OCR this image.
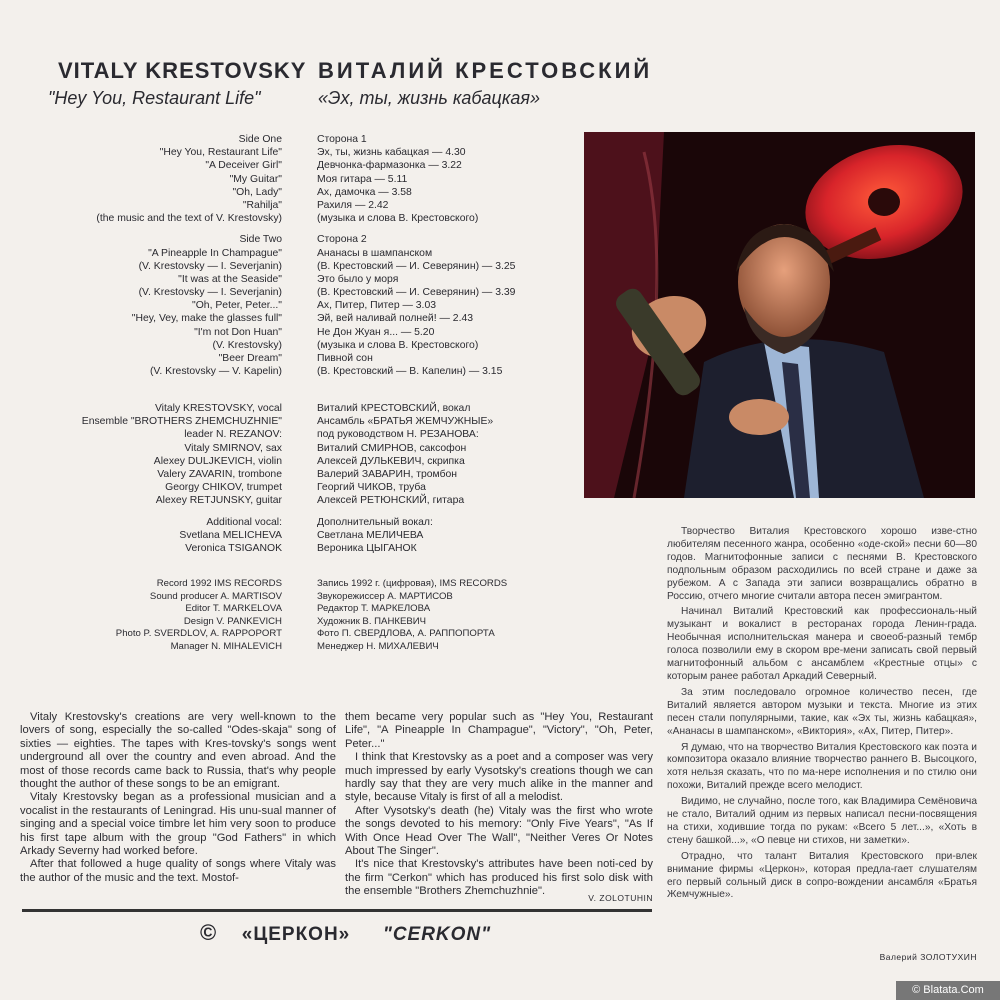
VITALY KRESTOVSKY ВИТАЛИЙ КРЕСТОВСКИЙ
"Hey You, Restaurant Life"	«Эх, ты, жизнь кабацкая»
Side One
"Hey You, Restaurant Life"
"A Deceiver Girl"
"My Guitar"
"Oh, Lady"
"Rahilja"
(the music and the text of V. Krestovsky)
Side Two
"A Pineapple In Champague"
(V. Krestovsky — I. Severjanin)
"It was at the Seaside"
(V. Krestovsky — I. Severjanin)
"Oh, Peter, Peter..."
"Hey, Vey, make the glasses full"
"I'm not Don Huan"
(V. Krestovsky)
"Beer Dream"
(V. Krestovsky — V. Kapelin)
Сторона 1
Эх, ты, жизнь кабацкая — 4.30
Девчонка-фармазонка — 3.22
Моя гитара — 5.11
Ах, дамочка — 3.58
Рахиля — 2.42
(музыка и слова В. Крестовского)
Сторона 2
Ананасы в шампанском
(В. Крестовский — И. Северянин) — 3.25
Это было у моря
(В. Крестовский — И. Северянин) — 3.39
Ах, Питер, Питер — 3.03
Эй, вей наливай полней! — 2.43
Не Дон Жуан я... — 5.20
(музыка и слова В. Крестовского)
Пивной сон
(В. Крестовский — В. Капелин) — 3.15
Vitaly KRESTOVSKY, vocal
Ensemble "BROTHERS ZHEMCHUZHNIE"
leader N. REZANOV:
Vitaly SMIRNOV, sax
Alexey DULJKEVICH, violin
Valery ZAVARIN, trombone
Georgy CHIKOV, trumpet
Alexey RETJUNSKY, guitar
Additional vocal:
Svetlana MELICHEVA
Veronica TSIGANOK
Виталий КРЕСТОВСКИЙ, вокал
Ансамбль «БРАТЬЯ ЖЕМЧУЖНЫЕ»
под руководством Н. РЕЗАНОВА:
Виталий СМИРНОВ, саксофон
Алексей ДУЛЬКЕВИЧ, скрипка
Валерий ЗАВАРИН, тромбон
Георгий ЧИКОВ, труба
Алексей РЕТЮНСКИЙ, гитара
Дополнительный вокал:
Светлана МЕЛИЧЕВА
Вероника ЦЫГАНОК
Record 1992 IMS RECORDS
Sound producer A. MARTISOV
Editor T. MARKELOVA
Design V. PANKEVICH
Photo P. SVERDLOV, A. RAPPOPORT
Manager N. MIHALEVICH
Запись 1992 г. (цифровая), IMS RECORDS
Звукорежиссер А. МАРТИСОВ
Редактор Т. МАРКЕЛОВА
Художник В. ПАНКЕВИЧ
Фото П. СВЕРДЛОВА, А. РАППОПОРТА
Менеджер Н. МИХАЛЕВИЧ

Творчество Виталия Крестовского хорошо изве-стно любителям песенного жанра, особенно «оде-ской» песни 60—80 годов. Магнитофонные записи с песнями В. Крестовского подпольным образом расходились по всей стране и даже за рубежом. А с Запада эти записи возвращались обратно в Россию, отчего многие считали автора песен эмигрантом.

Начинал Виталий Крестовский как профессиональ-ный музыкант и вокалист в ресторанах города Ленин-града. Необычная исполнительская манера и своеоб-разный тембр голоса позволили ему в скором вре-мени записать свой первый магнитофонный альбом с ансамблем «Крестные отцы» с которым ранее работал Аркадий Северный.

За этим последовало огромное количество песен, где Виталий является автором музыки и текста. Многие из этих песен стали популярными, такие, как «Эх ты, жизнь кабацкая», «Ананасы в шампанском», «Виктория», «Ах, Питер, Питер».

Я думаю, что на творчество Виталия Крестовского как поэта и композитора оказало влияние творчество раннего В. Высоцкого, хотя нельзя сказать, что по ма-нере исполнения и по стилю они похожи, Виталий прежде всего мелодист.

Видимо, не случайно, после того, как Владимира Семёновича не стало, Виталий одним из первых написал песни-посвящения на стихи, ходившие тогда по рукам: «Всего 5 лет...», «Хоть в стену башкой...», «О певце ни стихов, ни заметки».

Отрадно, что талант Виталия Крестовского при-влек внимание фирмы «Церкон», которая предла-гает слушателям его первый сольный диск в сопро-вождении ансамбля «Братья Жемчужные».

Валерий ЗОЛОТУХИН

Vitaly Krestovsky's creations are very well-known to the lovers of song, especially the so-called "Odes-skaja" song of sixties — eighties. The tapes with Kres-tovsky's songs went underground all over the country and even abroad. And the most of those records came back to Russia, that's why people thought the author of these songs to be an emigrant.

Vitaly Krestovsky began as a professional musician and a vocalist in the restaurants of Leningrad. His unu-sual manner of singing and a special voice timbre let him very soon to produce his first tape album with the group "God Fathers" in which Arkady Severny had worked before.

After that followed a huge quality of songs where Vitaly was the author of the music and the text. Mostof-

them became very popular such as "Hey You, Restaurant Life", "A Pineapple In Champague", "Victory", "Oh, Peter, Peter..."

I think that Krestovsky as a poet and a composer was very much impressed by early Vysotsky's creations though we can hardly say that they are very much alike in the manner and style, because Vitaly is first of all a melodist.

After Vysotsky's death (he) Vitaly was the first who wrote the songs devoted to his memory: "Only Five Years", "As If With Once Head Over The Wall", "Neither Veres Or Notes About The Singer".

It's nice that Krestovsky's attributes have been noti-ced by the firm "Cerkon" which has produced his first solo disk with the ensemble "Brothers Zhemchuzhnie".

V. ZOLOTUHIN
© «ЦЕРКОН» "CERKON"
© Blatata.Com
